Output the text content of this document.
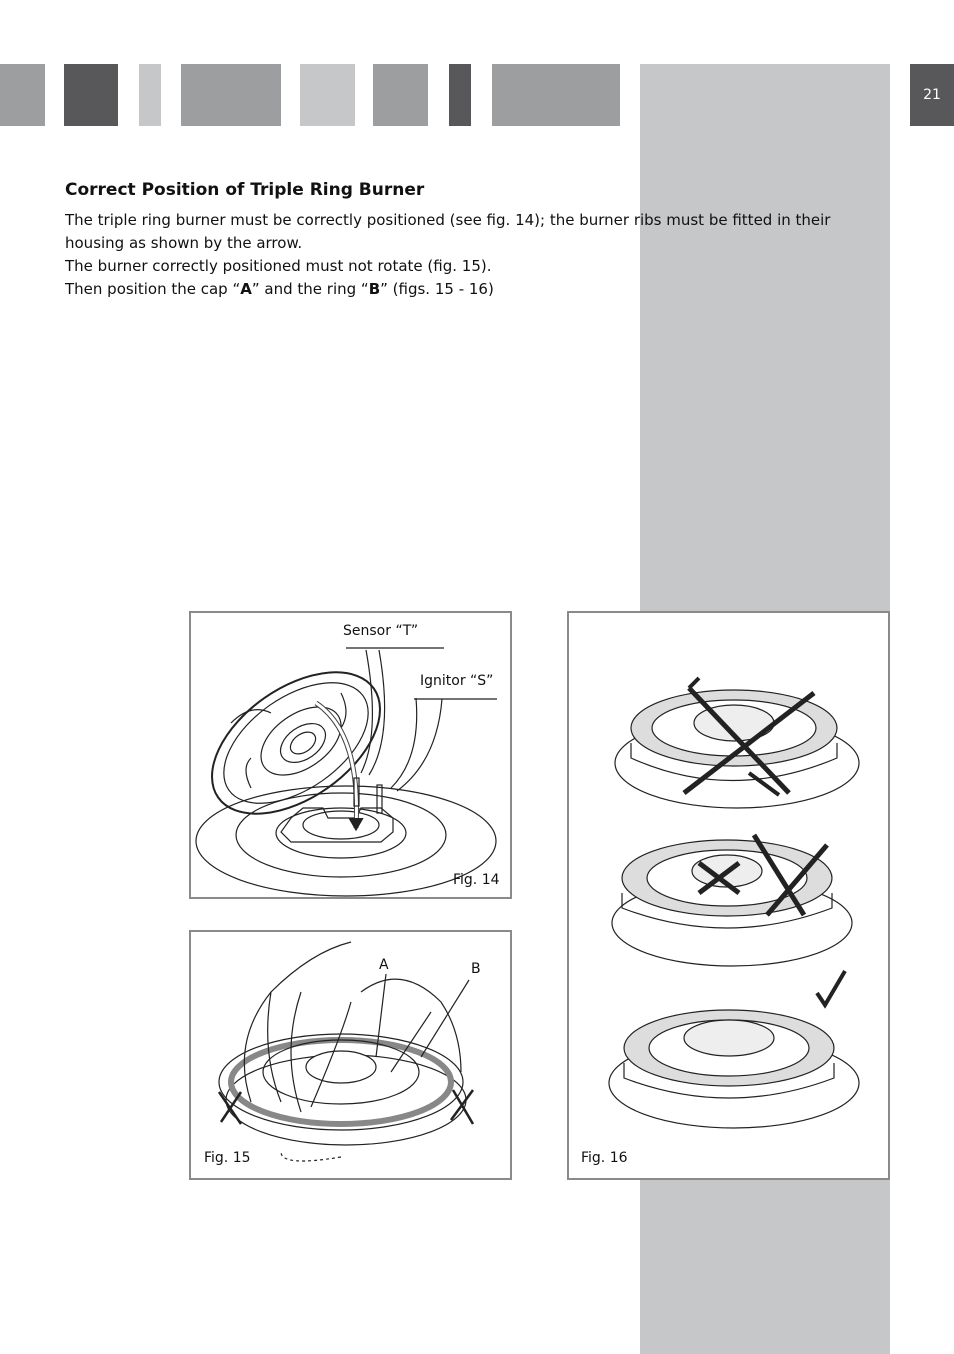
21
Correct Position of Triple Ring Burner

The triple ring burner must be correctly positioned (see fig. 14); the burner ribs must be fitted in their housing as shown by the arrow.

The burner correctly positioned must not rotate (fig. 15).

Then position the cap “A” and the ring “B” (figs. 15 - 16)

Sensor “T”
Ignitor “S”
Fig. 14
A	B
Fig. 15	Fig. 16
